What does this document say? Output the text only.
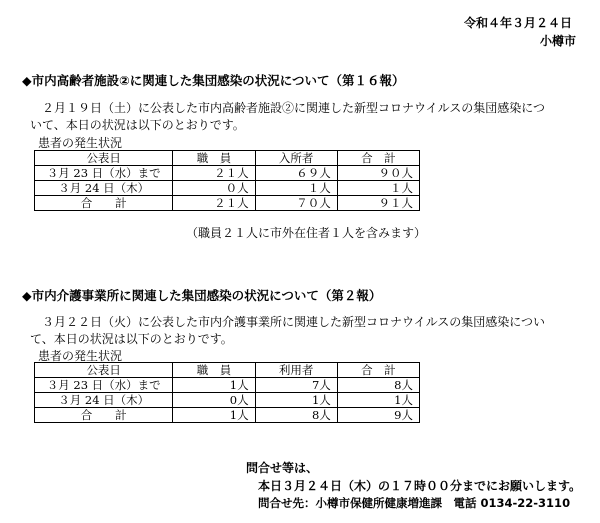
令和４年３月２４日
小樽市
◆市内高齢者施設②に関連した集団感染の状況について（第１６報）
２月１９日（土）に公表した市内高齢者施設②に関連した新型コロナウイルスの集団感染につ
いて、本日の状況は以下のとおりです。
患者の発生状況
公表日	職　員	入所者	合　計
３月 23 日（水）まで	２１人	６９人	９０人
３月 24 日（木）	０人	１人	１人
合　　計	２１人	７０人	９１人
（職員２１人に市外在住者１人を含みます）
◆市内介護事業所に関連した集団感染の状況について（第２報）
３月２２日（火）に公表した市内介護事業所に関連した新型コロナウイルスの集団感染につい
て、本日の状況は以下のとおりです。
患者の発生状況
公表日	職　員	利用者	合　計
３月 23 日（水）まで	1人	7人	8人
３月 24 日（木）	0人	1人	1人
合　　計	1人	8人	9人
問合せ等は、
本日３月２４日（木）の１７時００分までにお願いします。
問合せ先：小樽市保健所健康増進課　電話 0134-22-3110
